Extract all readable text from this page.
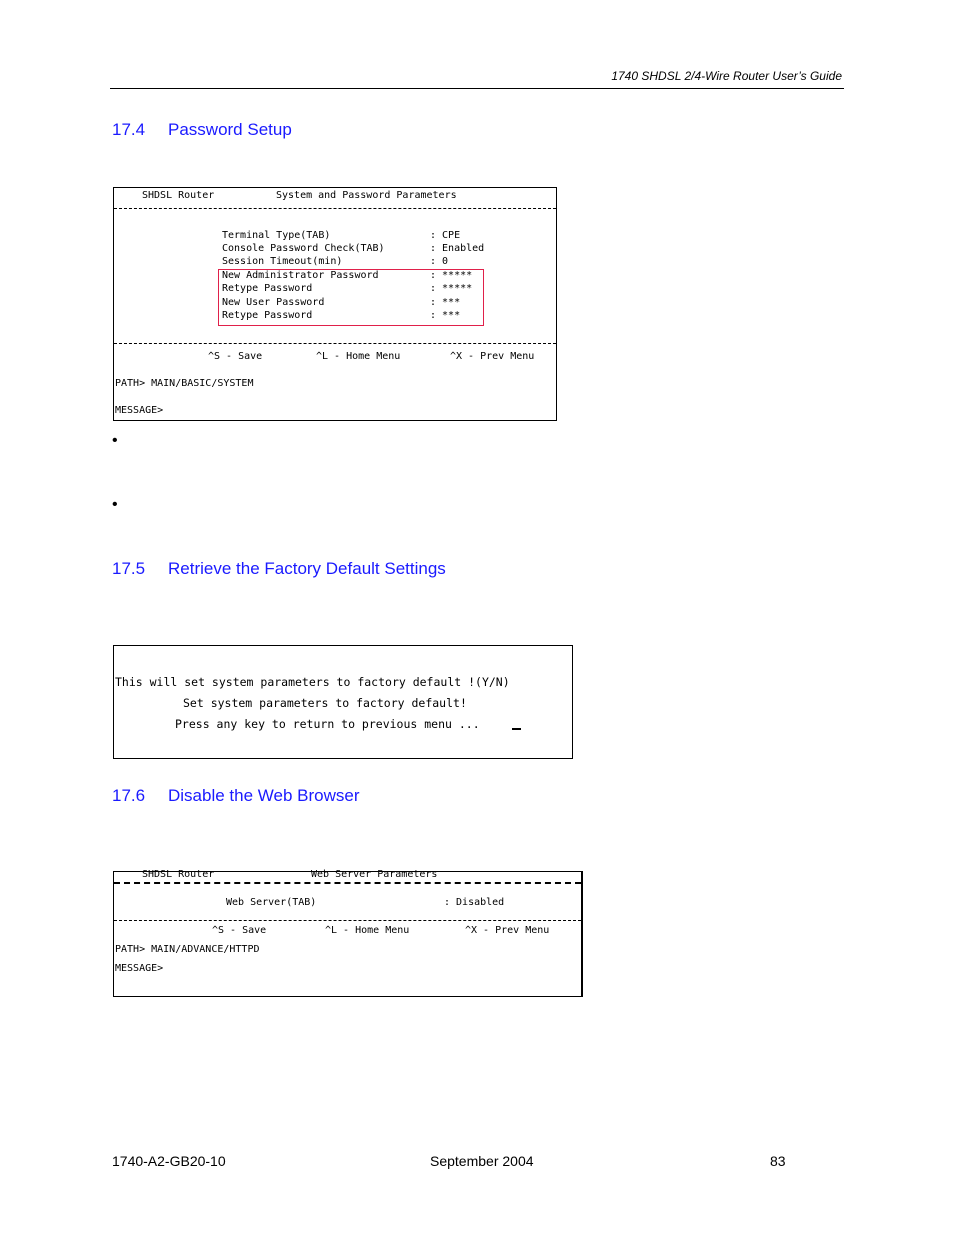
1740 SHDSL 2/4-Wire Router User’s Guide
17.4 Password Setup
SHDSL Router	System and Password Parameters
Terminal Type(TAB)	: CPE
Console Password Check(TAB)	: Enabled
Session Timeout(min)	: 0
New Administrator Password	: *****
Retype Password	: *****
New User Password	: ***
Retype Password	: ***
^S - Save	^L - Home Menu	^X - Prev Menu
PATH> MAIN/BASIC/SYSTEM
MESSAGE>
•
•
17.5 Retrieve the Factory Default Settings
This will set system parameters to factory default !(Y/N)
Set system parameters to factory default!
Press any key to return to previous menu ...
17.6 Disable the Web Browser
SHDSL Router	Web Server Parameters
Web Server(TAB)	: Disabled
^S - Save	^L - Home Menu	^X - Prev Menu
PATH> MAIN/ADVANCE/HTTPD
MESSAGE>
1740-A2-GB20-10	September 2004	83
